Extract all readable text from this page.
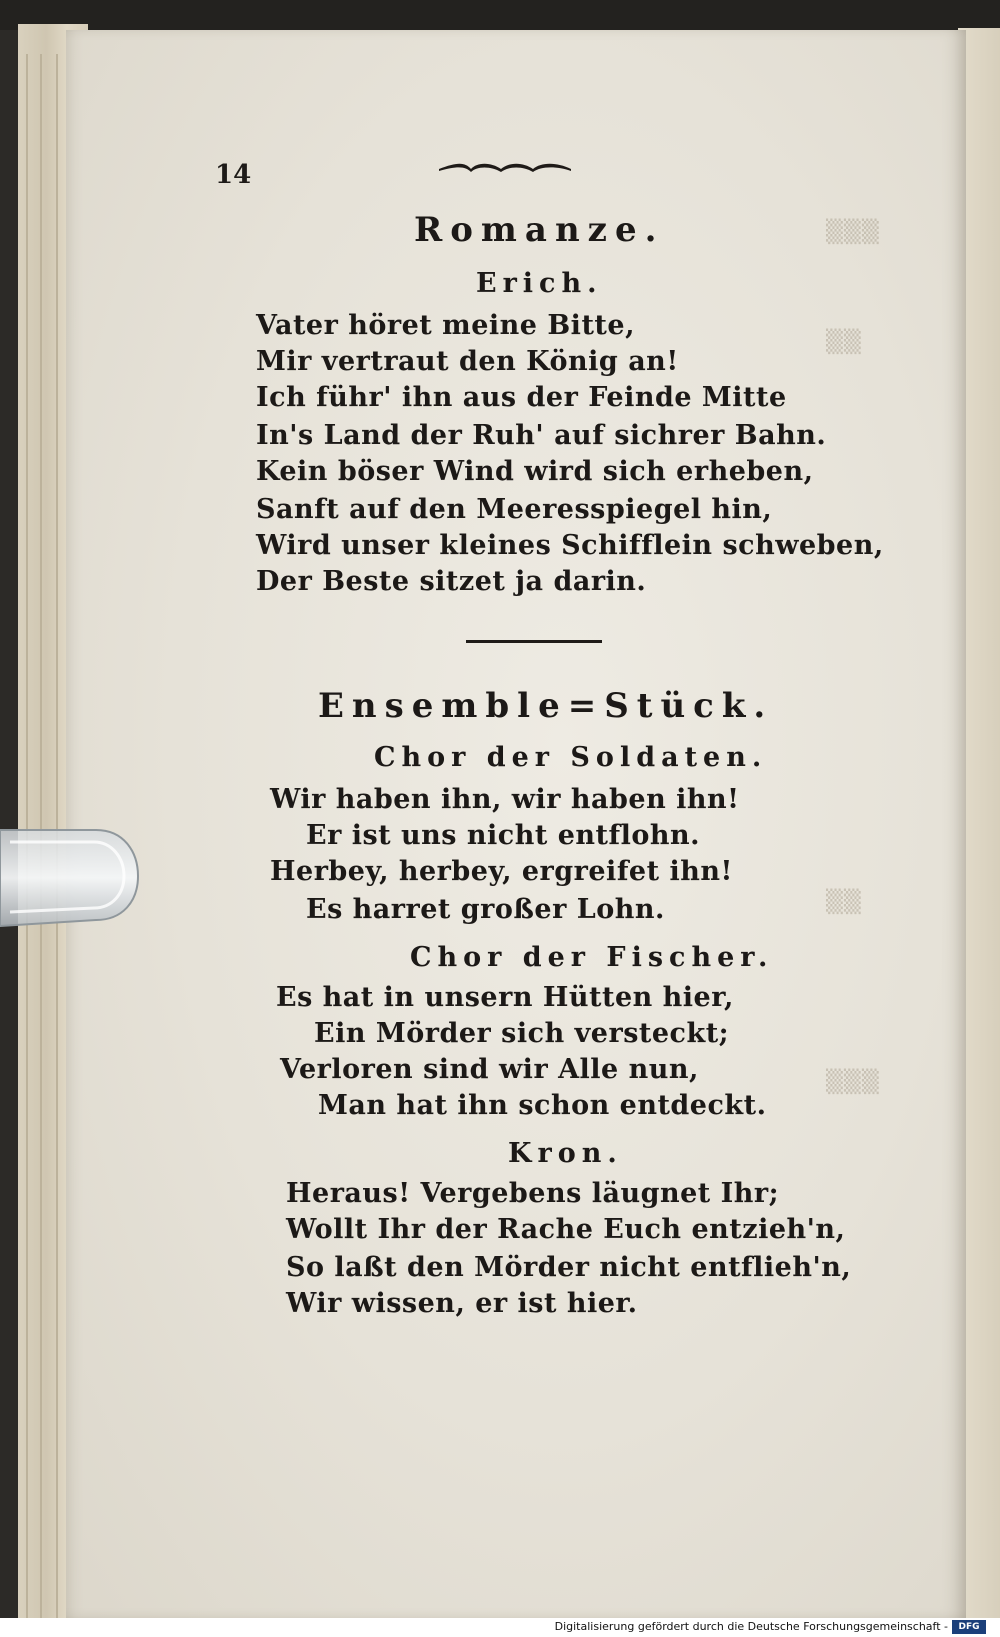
▒▒▒
▒▒
▒▒
▒▒▒
14
Romanze.
Erich.
Vater höret meine Bitte,
Mir vertraut den König an!
Ich führ' ihn aus der Feinde Mitte
In's Land der Ruh' auf sichrer Bahn.
Kein böser Wind wird sich erheben,
Sanft auf den Meeresspiegel hin,
Wird unser kleines Schifflein schweben,
Der Beste sitzet ja darin.
Ensemble=Stück.
Chor der Soldaten.
Wir haben ihn, wir haben ihn!
Er ist uns nicht entflohn.
Herbey, herbey, ergreifet ihn!
Es harret großer Lohn.
Chor der Fischer.
Es hat in unsern Hütten hier,
Ein Mörder sich versteckt;
Verloren sind wir Alle nun,
Man hat ihn schon entdeckt.
Kron.
Heraus! Vergebens läugnet Ihr;
Wollt Ihr der Rache Euch entzieh'n,
So laßt den Mörder nicht entflieh'n,
Wir wissen, er ist hier.
Digitalisierung gefördert durch die Deutsche Forschungsgemeinschaft -	DFG
